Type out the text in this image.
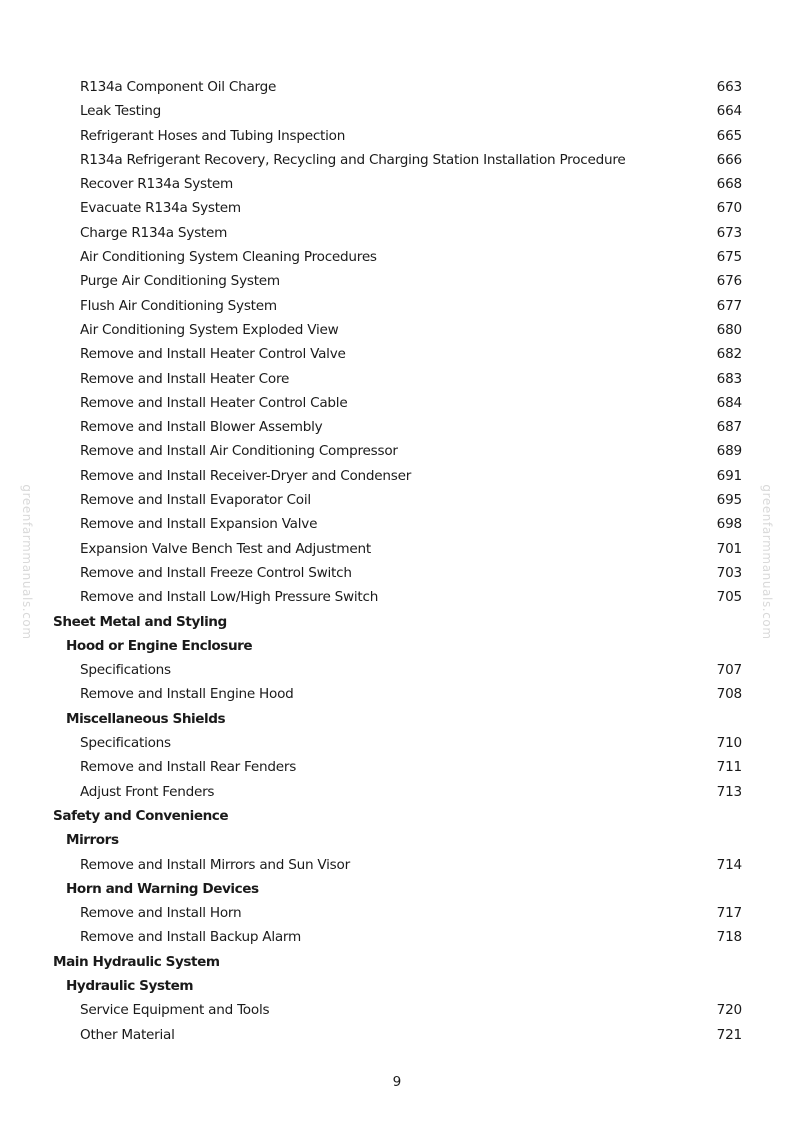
greenfarmmanuals.com	greenfarmmanuals.com
R134a Component Oil Charge	663
Leak Testing	664
Refrigerant Hoses and Tubing Inspection	665
R134a Refrigerant Recovery, Recycling and Charging Station Installation Procedure	666
Recover R134a System	668
Evacuate R134a System	670
Charge R134a System	673
Air Conditioning System Cleaning Procedures	675
Purge Air Conditioning System	676
Flush Air Conditioning System	677
Air Conditioning System Exploded View	680
Remove and Install Heater Control Valve	682
Remove and Install Heater Core	683
Remove and Install Heater Control Cable	684
Remove and Install Blower Assembly	687
Remove and Install Air Conditioning Compressor	689
Remove and Install Receiver-Dryer and Condenser	691
Remove and Install Evaporator Coil	695
Remove and Install Expansion Valve	698
Expansion Valve Bench Test and Adjustment	701
Remove and Install Freeze Control Switch	703
Remove and Install Low/High Pressure Switch	705
Sheet Metal and Styling
Hood or Engine Enclosure
Specifications	707
Remove and Install Engine Hood	708
Miscellaneous Shields
Specifications	710
Remove and Install Rear Fenders	711
Adjust Front Fenders	713
Safety and Convenience
Mirrors
Remove and Install Mirrors and Sun Visor	714
Horn and Warning Devices
Remove and Install Horn	717
Remove and Install Backup Alarm	718
Main Hydraulic System
Hydraulic System
Service Equipment and Tools	720
Other Material	721
9
